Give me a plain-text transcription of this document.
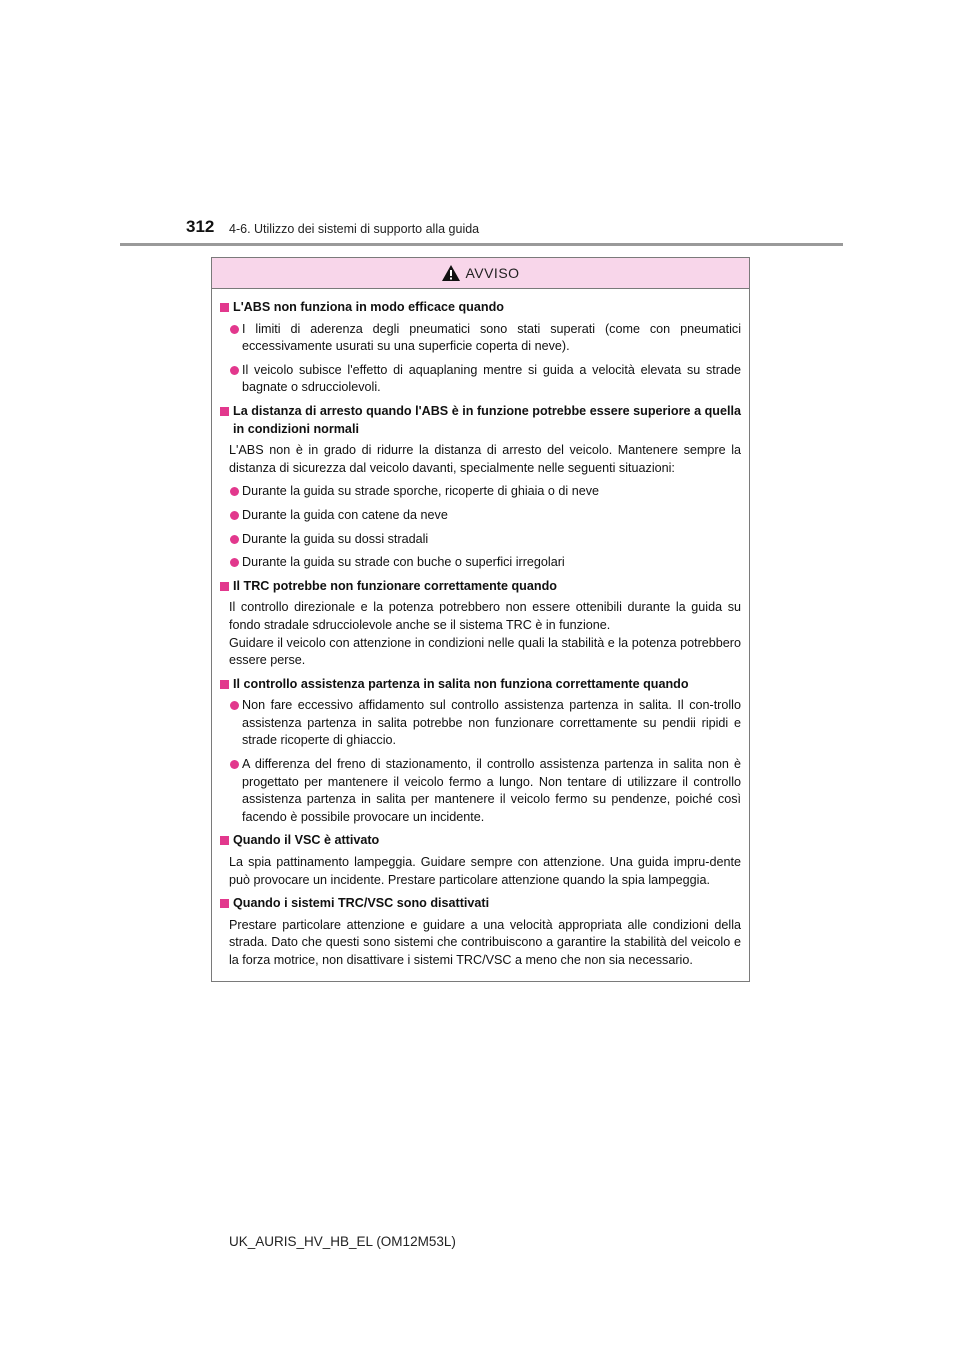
312 4-6. Utilizzo dei sistemi di supporto alla guida
AVVISO
L'ABS non funziona in modo efficace quando
I limiti di aderenza degli pneumatici sono stati superati (come con pneumatici eccessivamente usurati su una superficie coperta di neve).
Il veicolo subisce l'effetto di aquaplaning mentre si guida a velocità elevata su strade bagnate o sdrucciolevoli.
La distanza di arresto quando l'ABS è in funzione potrebbe essere superiore a quella in condizioni normali
L'ABS non è in grado di ridurre la distanza di arresto del veicolo. Mantenere sempre la distanza di sicurezza dal veicolo davanti, specialmente nelle seguenti situazioni:
Durante la guida su strade sporche, ricoperte di ghiaia o di neve
Durante la guida con catene da neve
Durante la guida su dossi stradali
Durante la guida su strade con buche o superfici irregolari
Il TRC potrebbe non funzionare correttamente quando
Il controllo direzionale e la potenza potrebbero non essere ottenibili durante la guida su fondo stradale sdrucciolevole anche se il sistema TRC è in funzione.
Guidare il veicolo con attenzione in condizioni nelle quali la stabilità e la potenza potrebbero essere perse.
Il controllo assistenza partenza in salita non funziona correttamente quando
Non fare eccessivo affidamento sul controllo assistenza partenza in salita. Il con-trollo assistenza partenza in salita potrebbe non funzionare correttamente su pendii ripidi e strade ricoperte di ghiaccio.
A differenza del freno di stazionamento, il controllo assistenza partenza in salita non è progettato per mantenere il veicolo fermo a lungo. Non tentare di utilizzare il controllo assistenza partenza in salita per mantenere il veicolo fermo su pendenze, poiché così facendo è possibile provocare un incidente.
Quando il VSC è attivato
La spia pattinamento lampeggia. Guidare sempre con attenzione. Una guida impru-dente può provocare un incidente. Prestare particolare attenzione quando la spia lampeggia.
Quando i sistemi TRC/VSC sono disattivati
Prestare particolare attenzione e guidare a una velocità appropriata alle condizioni della strada. Dato che questi sono sistemi che contribuiscono a garantire la stabilità del veicolo e la forza motrice, non disattivare i sistemi TRC/VSC a meno che non sia necessario.
UK_AURIS_HV_HB_EL (OM12M53L)
